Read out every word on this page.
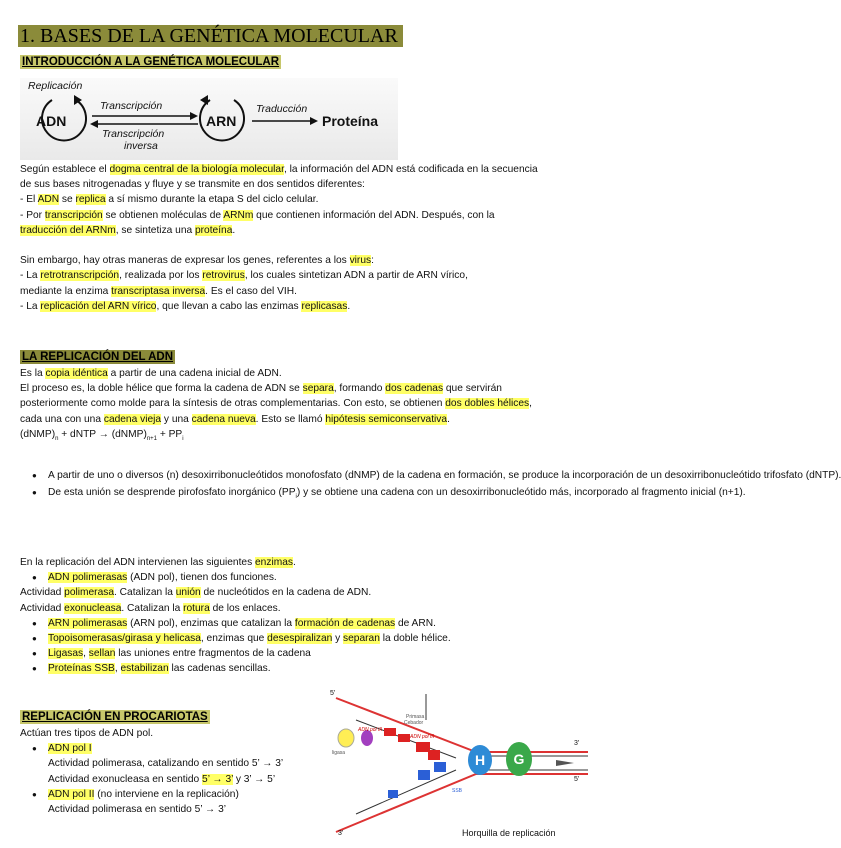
1. BASES DE LA GENÉTICA MOLECULAR
INTRODUCCIÓN A LA GENÉTICA MOLECULAR
Replicación
ADN
Transcripción
Transcripción
inversa
ARN
Traducción
Proteína

Según establece el dogma central de la biología molecular, la información del ADN está codificada en la secuencia

de sus bases nitrogenadas y fluye y se transmite en dos sentidos diferentes:

- El ADN se replica a sí mismo durante la etapa S del ciclo celular.

- Por transcripción se obtienen moléculas de ARNm que contienen información del ADN. Después, con la

traducción del ARNm, se sintetiza una proteína.

Sin embargo, hay otras maneras de expresar los genes, referentes a los virus:

- La retrotranscripción, realizada por los retrovirus, los cuales sintetizan ADN a partir de ARN vírico,

mediante la enzima transcriptasa inversa. Es el caso del VIH.

- La replicación del ARN vírico, que llevan a cabo las enzimas replicasas.

LA REPLICACIÓN DEL ADN

Es la copia idéntica a partir de una cadena inicial de ADN.

El proceso es, la doble hélice que forma la cadena de ADN se separa, formando dos cadenas que servirán

posteriormente como molde para la síntesis de otras complementarias. Con esto, se obtienen dos dobles hélices,

cada una con una cadena vieja y una cadena nueva. Esto se llamó hipótesis semiconservativa.

$(dNMP)_n$ + dNTP → $(dNMP)_{n+1} + PP_i$

● A partir de uno o diversos (n) desoxirribonucleótidos monofosfato (dNMP) de la cadena en formación, se produce la incorporación de un desoxirribonucleótido trifosfato (dNTP).

● De esta unión se desprende pirofosfato inorgánico $(PP_i)$ y se obtiene una cadena con un desoxirribonucleótido más, incorporado al fragmento inicial (n+1).

En la replicación del ADN intervienen las siguientes enzimas.

● ADN polimerasas (ADN pol), tienen dos funciones.

Actividad polimerasa. Catalizan la unión de nucleótidos en la cadena de ADN.

Actividad exonucleasa. Catalizan la rotura de los enlaces.

● ARN polimerasas (ARN pol), enzimas que catalizan la formación de cadenas de ARN.

● Topoisomerasas/girasa y helicasa, enzimas que desespiralizan y separan la doble hélice.

● Ligasas, sellan las uniones entre fragmentos de la cadena

● Proteínas SSB, estabilizan las cadenas sencillas.

REPLICACIÓN EN PROCARIOTAS

Actúan tres tipos de ADN pol.

● ADN pol I

Actividad polimerasa, catalizando en sentido 5’ → 3’

Actividad exonucleasa en sentido 5’ → 3’ y 3’ → 5’

● ADN pol II (no interviene en la replicación)

Actividad polimerasa en sentido 5’ → 3’

H	G
ADN pol III
ADN pol III
Primasa
ligasa
Cebador
SSB
5'
3'
5'
3'	Horquilla de replicación
